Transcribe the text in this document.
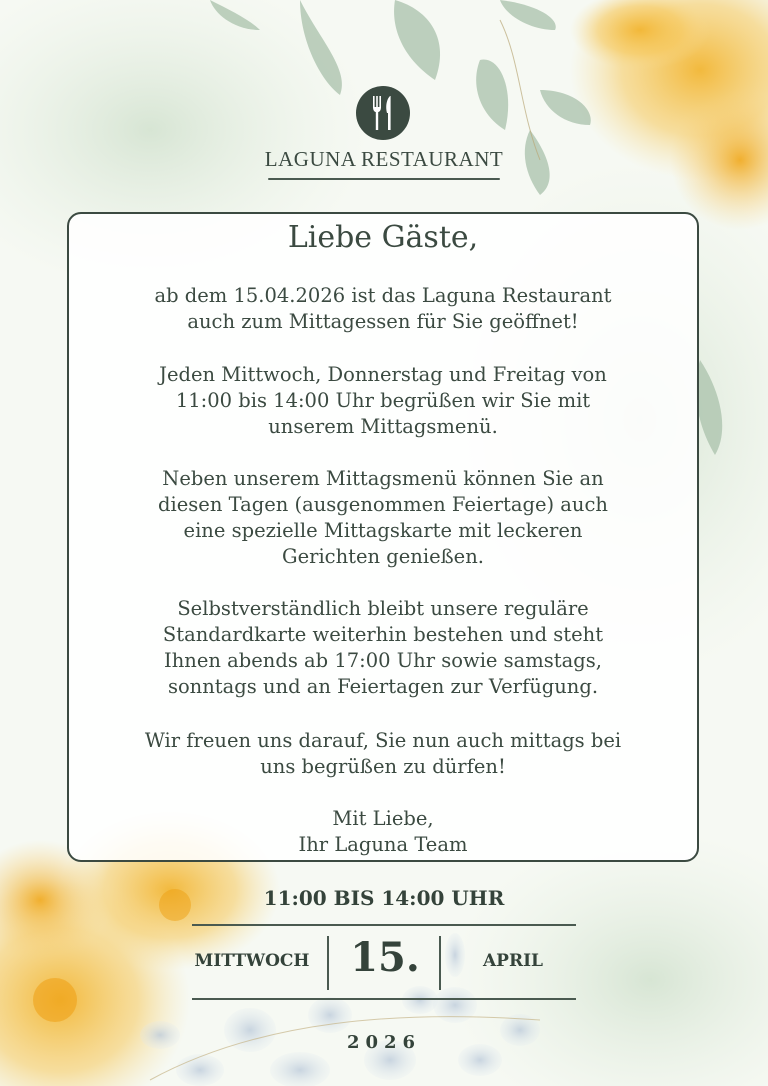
LAGUNA RESTAURANT
Liebe Gäste,
ab dem 15.04.2026 ist das Laguna Restaurant
auch zum Mittagessen für Sie geöffnet!
Jeden Mittwoch, Donnerstag und Freitag von
11:00 bis 14:00 Uhr begrüßen wir Sie mit
unserem Mittagsmenü.
Neben unserem Mittagsmenü können Sie an
diesen Tagen (ausgenommen Feiertage) auch
eine spezielle Mittagskarte mit leckeren
Gerichten genießen.
Selbstverständlich bleibt unsere reguläre
Standardkarte weiterhin bestehen und steht
Ihnen abends ab 17:00 Uhr sowie samstags,
sonntags und an Feiertagen zur Verfügung.
Wir freuen uns darauf, Sie nun auch mittags bei
uns begrüßen zu dürfen!
Mit Liebe,
Ihr Laguna Team
11:00 BIS 14:00 UHR
MITTWOCH	15.	APRIL
2026
